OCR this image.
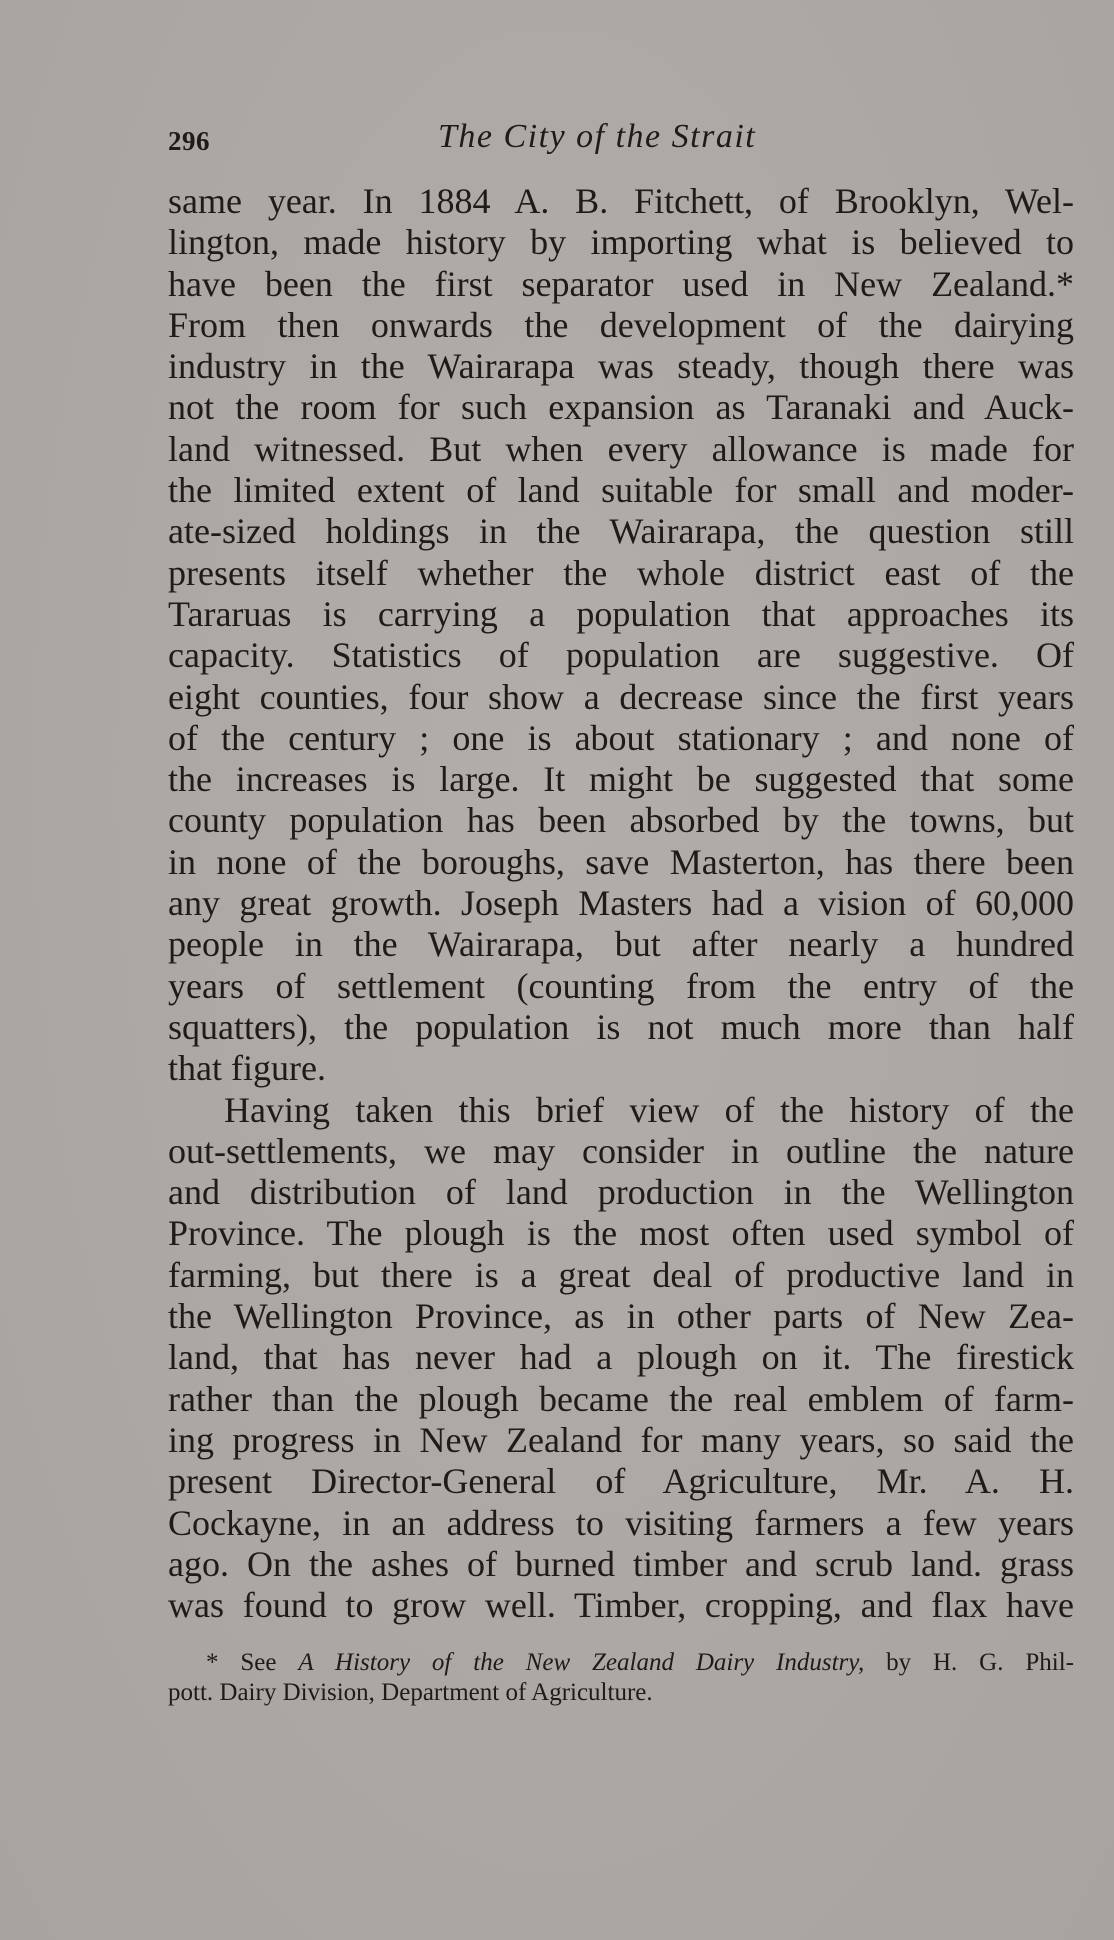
296	The City of the Strait
same year. In 1884 A. B. Fitchett, of Brooklyn, Wel-
lington, made history by importing what is believed to
have been the first separator used in New Zealand.*
From then onwards the development of the dairying
industry in the Wairarapa was steady, though there was
not the room for such expansion as Taranaki and Auck-
land witnessed. But when every allowance is made for
the limited extent of land suitable for small and moder-
ate-sized holdings in the Wairarapa, the question still
presents itself whether the whole district east of the
Tararuas is carrying a population that approaches its
capacity. Statistics of population are suggestive. Of
eight counties, four show a decrease since the first years
of the century ; one is about stationary ; and none of
the increases is large. It might be suggested that some
county population has been absorbed by the towns, but
in none of the boroughs, save Masterton, has there been
any great growth. Joseph Masters had a vision of 60,000
people in the Wairarapa, but after nearly a hundred
years of settlement (counting from the entry of the
squatters), the population is not much more than half
that figure.
Having taken this brief view of the history of the
out-settlements, we may consider in outline the nature
and distribution of land production in the Wellington
Province. The plough is the most often used symbol of
farming, but there is a great deal of productive land in
the Wellington Province, as in other parts of New Zea-
land, that has never had a plough on it. The firestick
rather than the plough became the real emblem of farm-
ing progress in New Zealand for many years, so said the
present Director-General of Agriculture, Mr. A. H.
Cockayne, in an address to visiting farmers a few years
ago. On the ashes of burned timber and scrub land. grass
was found to grow well. Timber, cropping, and flax have
* See A History of the New Zealand Dairy Industry, by H. G. Phil-
pott. Dairy Division, Department of Agriculture.
